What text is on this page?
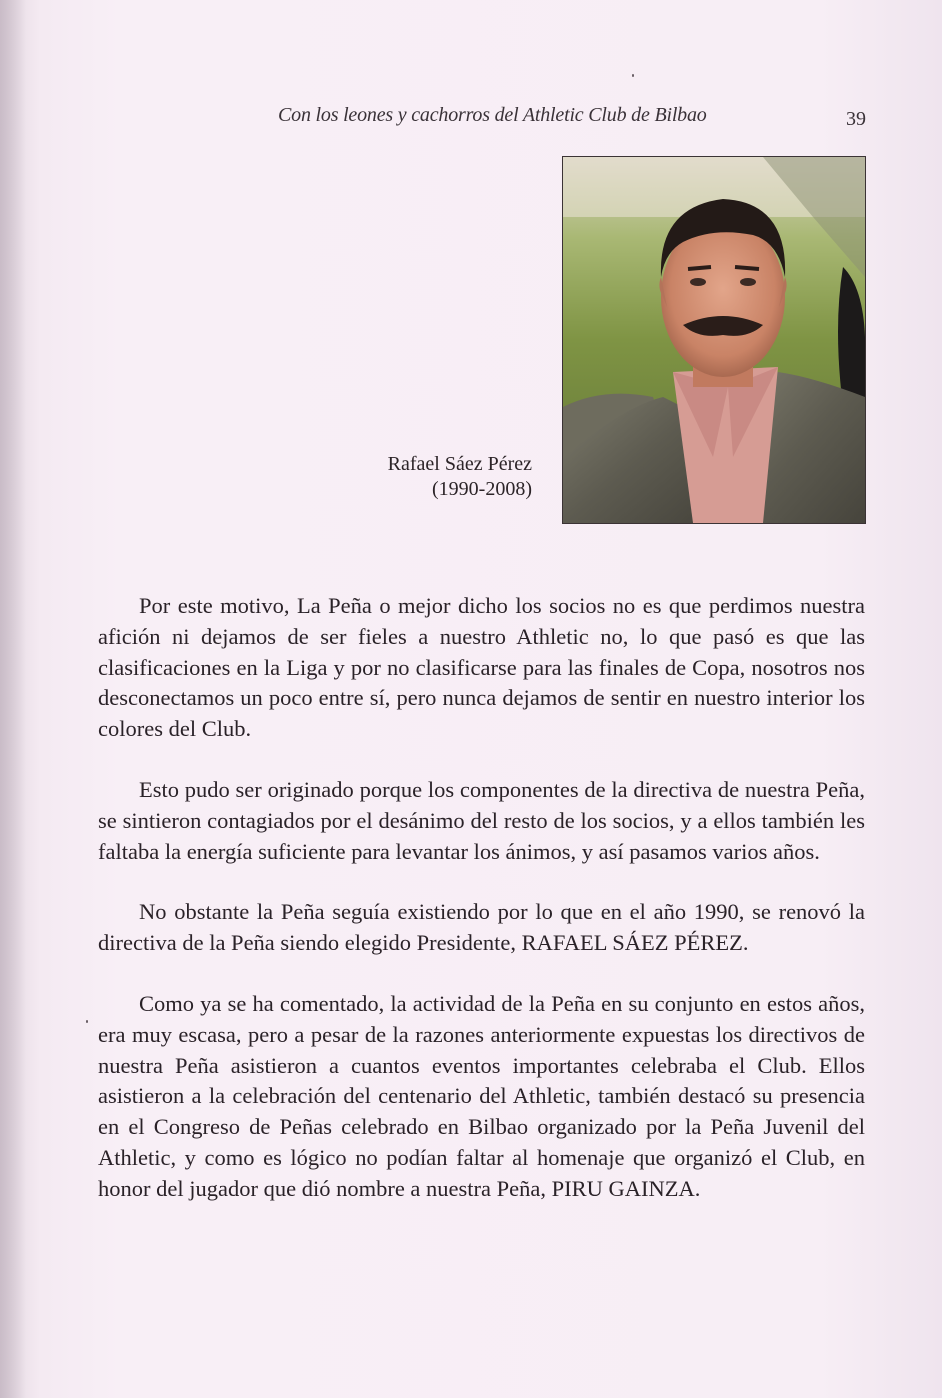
Con los leones y cachorros del Athletic Club de Bilbao	39
Rafael Sáez Pérez
(1990-2008)

Por este motivo, La Peña o mejor dicho los socios no es que perdimos nuestra afición ni dejamos de ser fieles a nuestro Athletic no, lo que pasó es que las clasificaciones en la Liga y por no clasificarse para las finales de Copa, nosotros nos desconectamos un poco entre sí, pero nunca dejamos de sentir en nuestro interior los colores del Club.

Esto pudo ser originado porque los componentes de la directiva de nuestra Peña, se sintieron contagiados por el desánimo del resto de los socios, y a ellos también les faltaba la energía suficiente para levantar los ánimos, y así pasamos varios años.

No obstante la Peña seguía existiendo por lo que en el año 1990, se renovó la directiva de la Peña siendo elegido Presidente, RAFAEL SÁEZ PÉREZ.

Como ya se ha comentado, la actividad de la Peña en su conjunto en estos años, era muy escasa, pero a pesar de la razones anteriormente expuestas los directivos de nuestra Peña asistieron a cuantos eventos importantes celebraba el Club. Ellos asistieron a la celebración del centenario del Athletic, también destacó su presencia en el Congreso de Peñas celebrado en Bilbao organizado por la Peña Juvenil del Athletic, y como es lógico no podían faltar al homenaje que organizó el Club, en honor del jugador que dió nombre a nuestra Peña, PIRU GAINZA.
